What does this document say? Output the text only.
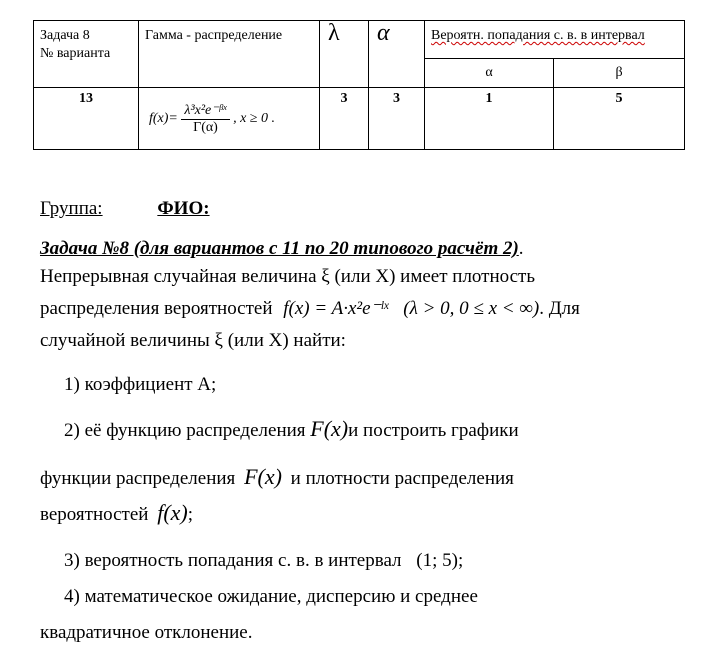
Задача 8
№ варианта	Гамма - распределение	λ	α	Вероятн. попадания с. в. в интервал	

				α	β
13	$f(x)= \frac{\text{λ³x²e⁻ᵝˣ}}{\Gamma(\alpha)}$ , x ≥ 0 .	3	3	1	5
Группа:	ФИО:
Задача №8 (для вариантов с 11 по 20 типового расчёт 2).
Непрерывная случайная величина ξ (или X) имеет плотность
распределения вероятностей f(x) = A·x²e⁻ˡˣ (λ > 0, 0 ≤ x < ∞). Для
случайной величины ξ (или X) найти:
1) коэффициент A;
2) её функцию распределения F(x)и построить графики
функции распределения F(x) и плотности распределения
вероятностей f(x);
3) вероятность попадания с. в. в интервал (1; 5);
4) математическое ожидание, дисперсию и среднее
квадратичное отклонение.
